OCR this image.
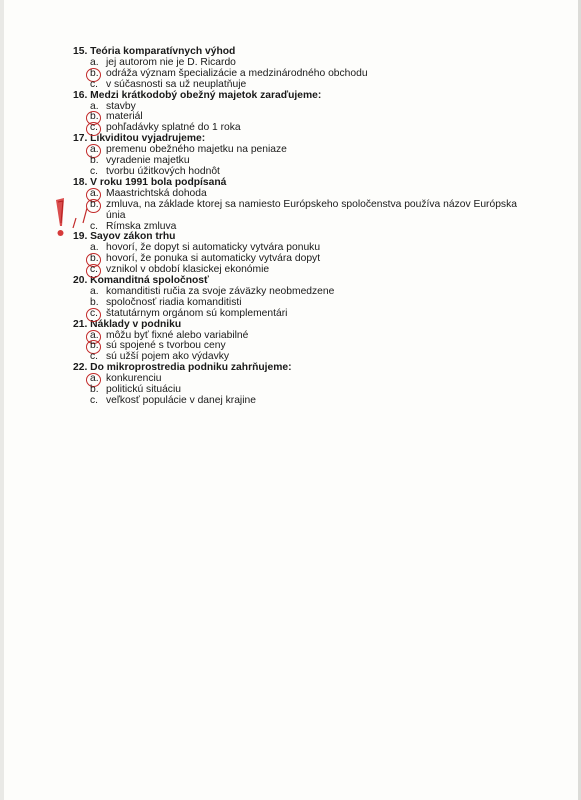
15. Teória komparatívnych výhod
a. jej autorom nie je D. Ricardo
b. odráža význam špecializácie a medzinárodného obchodu
c. v súčasnosti sa už neuplatňuje
16. Medzi krátkodobý obežný majetok zaraďujeme:
a. stavby
b. materiál
c. pohľadávky splatné do 1 roka
17. Likviditou vyjadrujeme:
a. premenu obežného majetku na peniaze
b. vyradenie majetku
c. tvorbu úžitkových hodnôt
18. V roku 1991 bola podpísaná
a. Maastrichtská dohoda
b. zmluva, na základe ktorej sa namiesto Európskeho spoločenstva používa názov Európska únia
c. Rímska zmluva
19. Sayov zákon trhu
a. hovorí, že dopyt si automaticky vytvára ponuku
b. hovorí, že ponuka si automaticky vytvára dopyt
c. vznikol v období klasickej ekonómie
20. Komanditná spoločnosť
a. komanditisti ručia za svoje záväzky neobmedzene
b. spoločnosť riadia komanditisti
c. štatutárnym orgánom sú komplementári
21. Náklady v podniku
a. môžu byť fixné alebo variabilné
b. sú spojené s tvorbou ceny
c. sú užší pojem ako výdavky
22. Do mikroprostredia podniku zahrňujeme:
a. konkurenciu
b. politickú situáciu
c. veľkosť populácie v danej krajine
